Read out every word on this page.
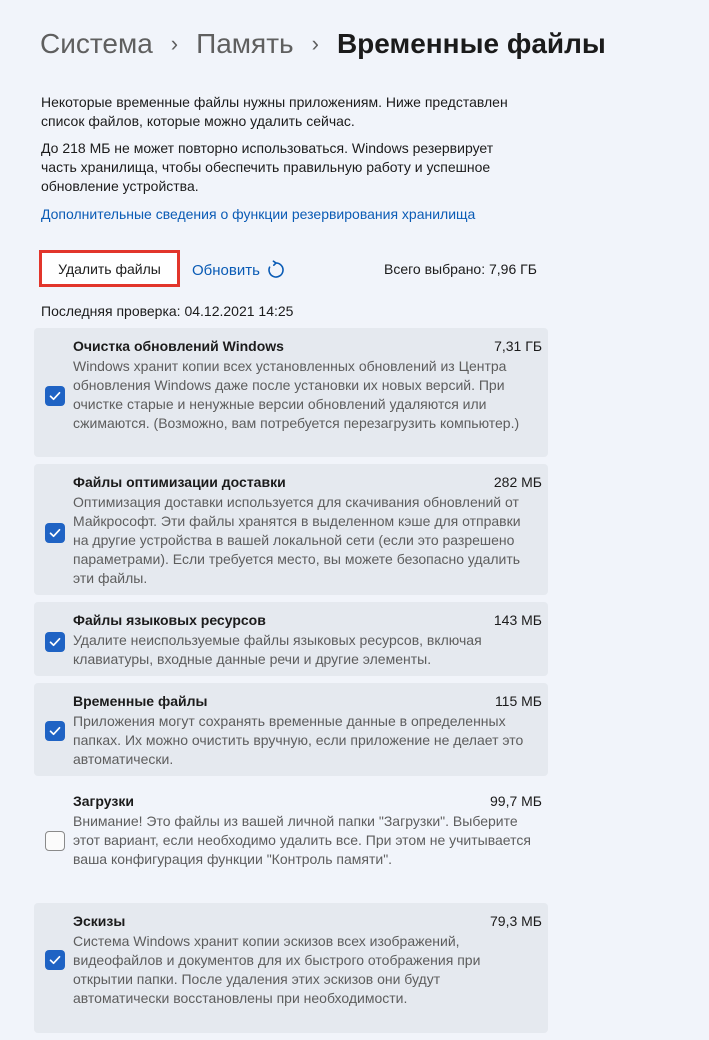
Система › Память › Временные файлы

Некоторые временные файлы нужны приложениям. Ниже представлен список файлов, которые можно удалить сейчас.

До 218 МБ не может повторно использоваться. Windows резервирует часть хранилища, чтобы обеспечить правильную работу и успешное обновление устройства.

Дополнительные сведения о функции резервирования хранилища
Удалить файлы Обновить	Всего выбрано: 7,96 ГБ
Последняя проверка: 04.12.2021 14:25
Очистка обновлений Windows	7,31 ГБ
Windows хранит копии всех установленных обновлений из Центра обновления Windows даже после установки их новых версий. При очистке старые и ненужные версии обновлений удаляются или сжимаются. (Возможно, вам потребуется перезагрузить компьютер.)
Файлы оптимизации доставки	282 МБ
Оптимизация доставки используется для скачивания обновлений от Майкрософт. Эти файлы хранятся в выделенном кэше для отправки на другие устройства в вашей локальной сети (если это разрешено параметрами). Если требуется место, вы можете безопасно удалить эти файлы.
Файлы языковых ресурсов	143 МБ
Удалите неиспользуемые файлы языковых ресурсов, включая клавиатуры, входные данные речи и другие элементы.
Временные файлы	115 МБ
Приложения могут сохранять временные данные в определенных папках. Их можно очистить вручную, если приложение не делает это автоматически.
Загрузки	99,7 МБ
Внимание! Это файлы из вашей личной папки "Загрузки". Выберите этот вариант, если необходимо удалить все. При этом не учитывается ваша конфигурация функции "Контроль памяти".
Эскизы	79,3 МБ
Система Windows хранит копии эскизов всех изображений, видеофайлов и документов для их быстрого отображения при открытии папки. После удаления этих эскизов они будут автоматически восстановлены при необходимости.
